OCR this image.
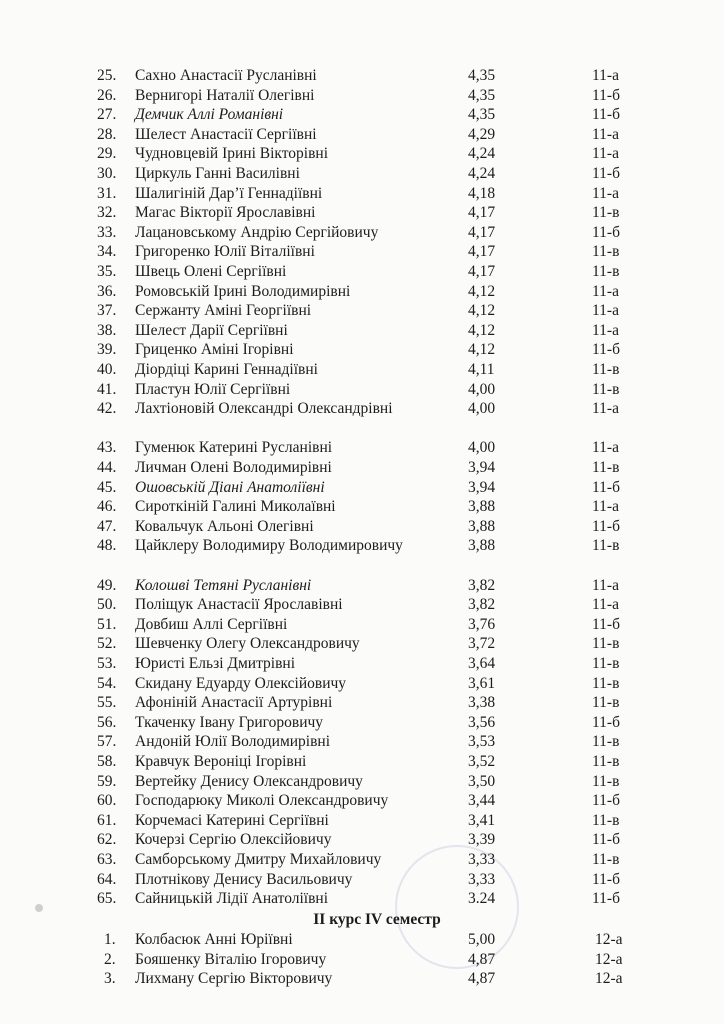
25.	Сахно Анастасії Русланівні	4,35	11-а
26.	Вернигорі Наталії Олегівні	4,35	11-б
27.	Демчик Аллі Романівні	4,35	11-б
28.	Шелест Анастасії Сергіївні	4,29	11-а
29.	Чудновцевій Ірині Вікторівні	4,24	11-а
30.	Циркуль Ганні Василівні	4,24	11-б
31.	Шалигіній Дар’ї Геннадіївні	4,18	11-а
32.	Магас Вікторії Ярославівні	4,17	11-в
33.	Лацановському Андрію Сергійовичу	4,17	11-б
34.	Григоренко Юлії Віталіївні	4,17	11-в
35.	Швець Олені Сергіївні	4,17	11-в
36.	Ромовській Ірині Володимирівні	4,12	11-а
37.	Сержанту Аміні Георгіївні	4,12	11-а
38.	Шелест Дарії Сергіївні	4,12	11-а
39.	Гриценко Аміні Ігорівні	4,12	11-б
40.	Діордіці Карині Геннадіївні	4,11	11-в
41.	Пластун Юлії Сергіївні	4,00	11-в
42.	Лахтіоновій Олександрі Олександрівні	4,00	11-а
43.	Гуменюк Катерині Русланівні	4,00	11-а
44.	Личман Олені Володимирівні	3,94	11-в
45.	Ошовській Діані Анатоліївні	3,94	11-б
46.	Сироткіній Галині Миколаївні	3,88	11-а
47.	Ковальчук Альоні Олегівні	3,88	11-б
48.	Цайклеру Володимиру Володимировичу	3,88	11-в
49.	Колошві Тетяні Русланівні	3,82	11-а
50.	Поліщук Анастасії Ярославівні	3,82	11-а
51.	Довбиш Аллі Сергіївні	3,76	11-б
52.	Шевченку Олегу Олександровичу	3,72	11-в
53.	Юристі Ельзі Дмитрівні	3,64	11-в
54.	Скидану Едуарду Олексійовичу	3,61	11-в
55.	Афоніній Анастасії Артурівні	3,38	11-в
56.	Ткаченку Івану Григоровичу	3,56	11-б
57.	Андоній Юлії Володимирівні	3,53	11-в
58.	Кравчук Вероніці Ігорівні	3,52	11-в
59.	Вертейку Денису Олександровичу	3,50	11-в
60.	Господарюку Миколі Олександровичу	3,44	11-б
61.	Корчемасі Катерині Сергіївні	3,41	11-в
62.	Кочерзі Сергію Олексійовичу	3,39	11-б
63.	Самборському Дмитру Михайловичу	3,33	11-в
64.	Плотнікову Денису Васильовичу	3,33	11-б
65.	Сайницькій Лідії Анатоліївні	3.24	11-б
ІІ курс ІV семестр
1.	Колбасюк Анні Юріївні	5,00	12-а
2.	Бояшенку Віталію Ігоровичу	4,87	12-а
3.	Лихману Сергію Вікторовичу	4,87	12-а
